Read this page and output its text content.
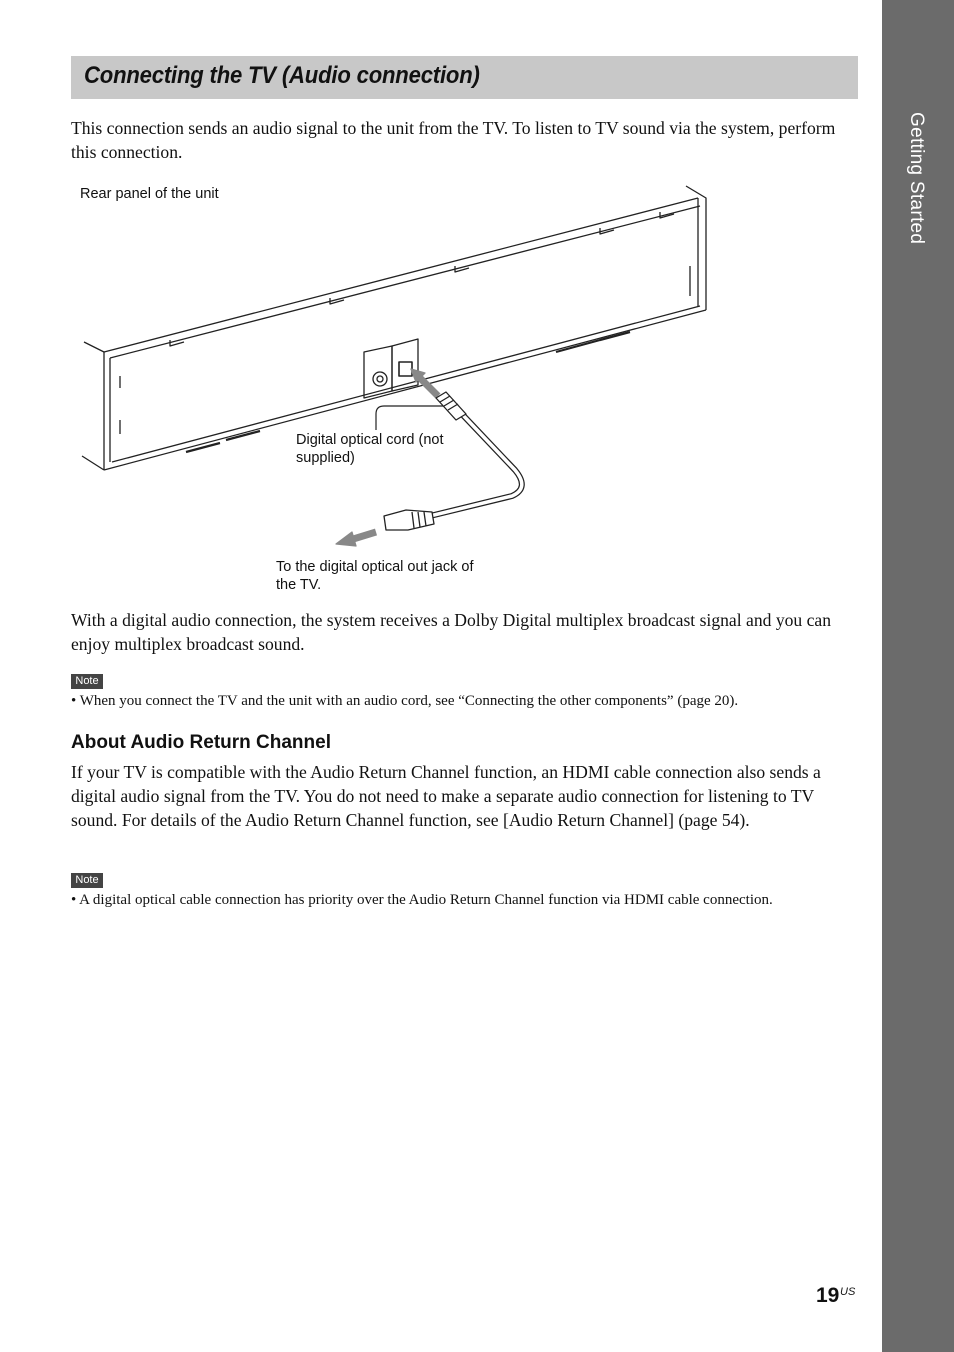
Getting Started
Connecting the TV (Audio connection)
This connection sends an audio signal to the unit from the TV. To listen to TV sound via the system, perform this connection.
Rear panel of the unit
Digital optical cord (not
supplied)
To the digital optical out jack of
the TV.
With a digital audio connection, the system receives a Dolby Digital multiplex broadcast signal and you can enjoy multiplex broadcast sound.
Note
• When you connect the TV and the unit with an audio cord, see “Connecting the other components” (page 20).
About Audio Return Channel
If your TV is compatible with the Audio Return Channel function, an HDMI cable connection also sends a digital audio signal from the TV. You do not need to make a separate audio connection for listening to TV sound. For details of the Audio Return Channel function, see [Audio Return Channel] (page 54).
Note
• A digital optical cable connection has priority over the Audio Return Channel function via HDMI cable connection.
19 US
